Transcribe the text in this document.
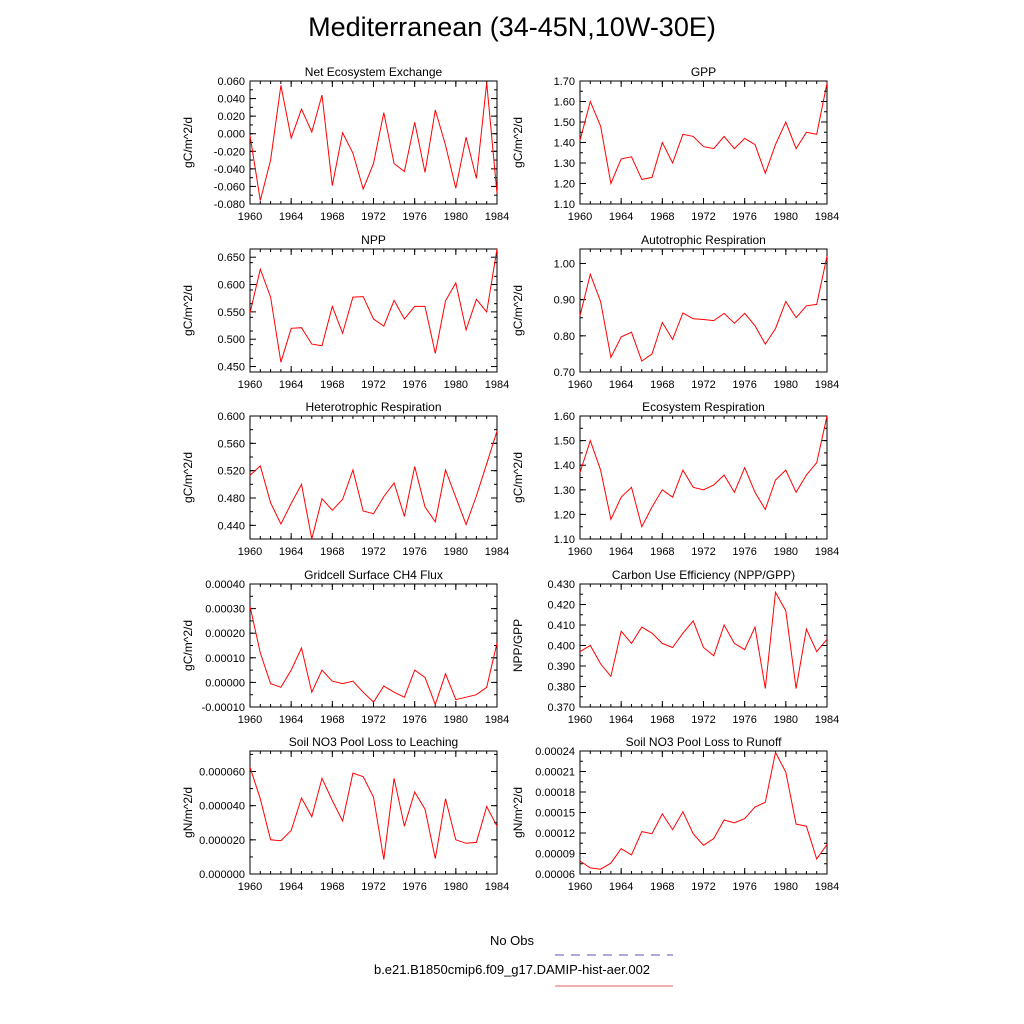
Mediterranean (34-45N,10W-30E)
Net Ecosystem Exchange
gC/m^2/d
1960 1964 1968 1972 1976 1980 1984
-0.080
-0.060
-0.040
-0.020
0.000
0.020
0.040
0.060
GPP
gC/m^2/d
1960 1964 1968 1972 1976 1980 1984
1.10
1.20
1.30
1.40
1.50
1.60
1.70
NPP
gC/m^2/d
1960 1964 1968 1972 1976 1980 1984
0.450
0.500
0.550
0.600
0.650
Autotrophic Respiration
gC/m^2/d
1960 1964 1968 1972 1976 1980 1984
0.70
0.80
0.90
1.00
Heterotrophic Respiration
gC/m^2/d
1960 1964 1968 1972 1976 1980 1984
0.440
0.480
0.520
0.560
0.600
Ecosystem Respiration
gC/m^2/d
1960 1964 1968 1972 1976 1980 1984
1.10
1.20
1.30
1.40
1.50
1.60
Gridcell Surface CH4 Flux
gC/m^2/d
1960 1964 1968 1972 1976 1980 1984
-0.00010
0.00000
0.00010
0.00020
0.00030
0.00040
Carbon Use Efficiency (NPP/GPP)
NPP/GPP
1960 1964 1968 1972 1976 1980 1984
0.370
0.380
0.390
0.400
0.410
0.420
0.430
Soil NO3 Pool Loss to Leaching
gN/m^2/d
1960 1964 1968 1972 1976 1980 1984
0.000000
0.000020
0.000040
0.000060
Soil NO3 Pool Loss to Runoff
gN/m^2/d
1960 1964 1968 1972 1976 1980 1984
0.00006
0.00009
0.00012
0.00015
0.00018
0.00021
0.00024
No Obs
b.e21.B1850cmip6.f09_g17.DAMIP-hist-aer.002
